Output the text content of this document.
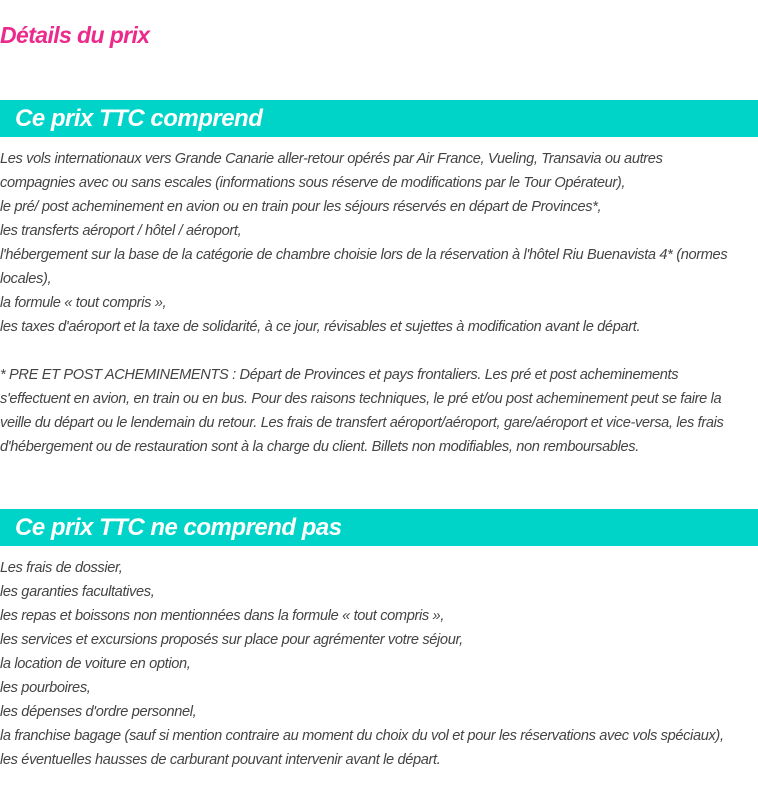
Détails du prix
Ce prix TTC comprend
Les vols internationaux vers Grande Canarie aller-retour opérés par Air France, Vueling, Transavia ou autres
compagnies avec ou sans escales (informations sous réserve de modifications par le Tour Opérateur),
le pré/ post acheminement en avion ou en train pour les séjours réservés en départ de Provinces*,
les transferts aéroport / hôtel / aéroport,
l'hébergement sur la base de la catégorie de chambre choisie lors de la réservation à l'hôtel Riu Buenavista 4* (normes
locales),
la formule « tout compris »,
les taxes d'aéroport et la taxe de solidarité, à ce jour, révisables et sujettes à modification avant le départ.
* PRE ET POST ACHEMINEMENTS : Départ de Provinces et pays frontaliers. Les pré et post acheminements
s'effectuent en avion, en train ou en bus. Pour des raisons techniques, le pré et/ou post acheminement peut se faire la
veille du départ ou le lendemain du retour. Les frais de transfert aéroport/aéroport, gare/aéroport et vice-versa, les frais
d'hébergement ou de restauration sont à la charge du client. Billets non modifiables, non remboursables.
Ce prix TTC ne comprend pas
Les frais de dossier,
les garanties facultatives,
les repas et boissons non mentionnées dans la formule « tout compris »,
les services et excursions proposés sur place pour agrémenter votre séjour,
la location de voiture en option,
les pourboires,
les dépenses d'ordre personnel,
la franchise bagage (sauf si mention contraire au moment du choix du vol et pour les réservations avec vols spéciaux),
les éventuelles hausses de carburant pouvant intervenir avant le départ.
